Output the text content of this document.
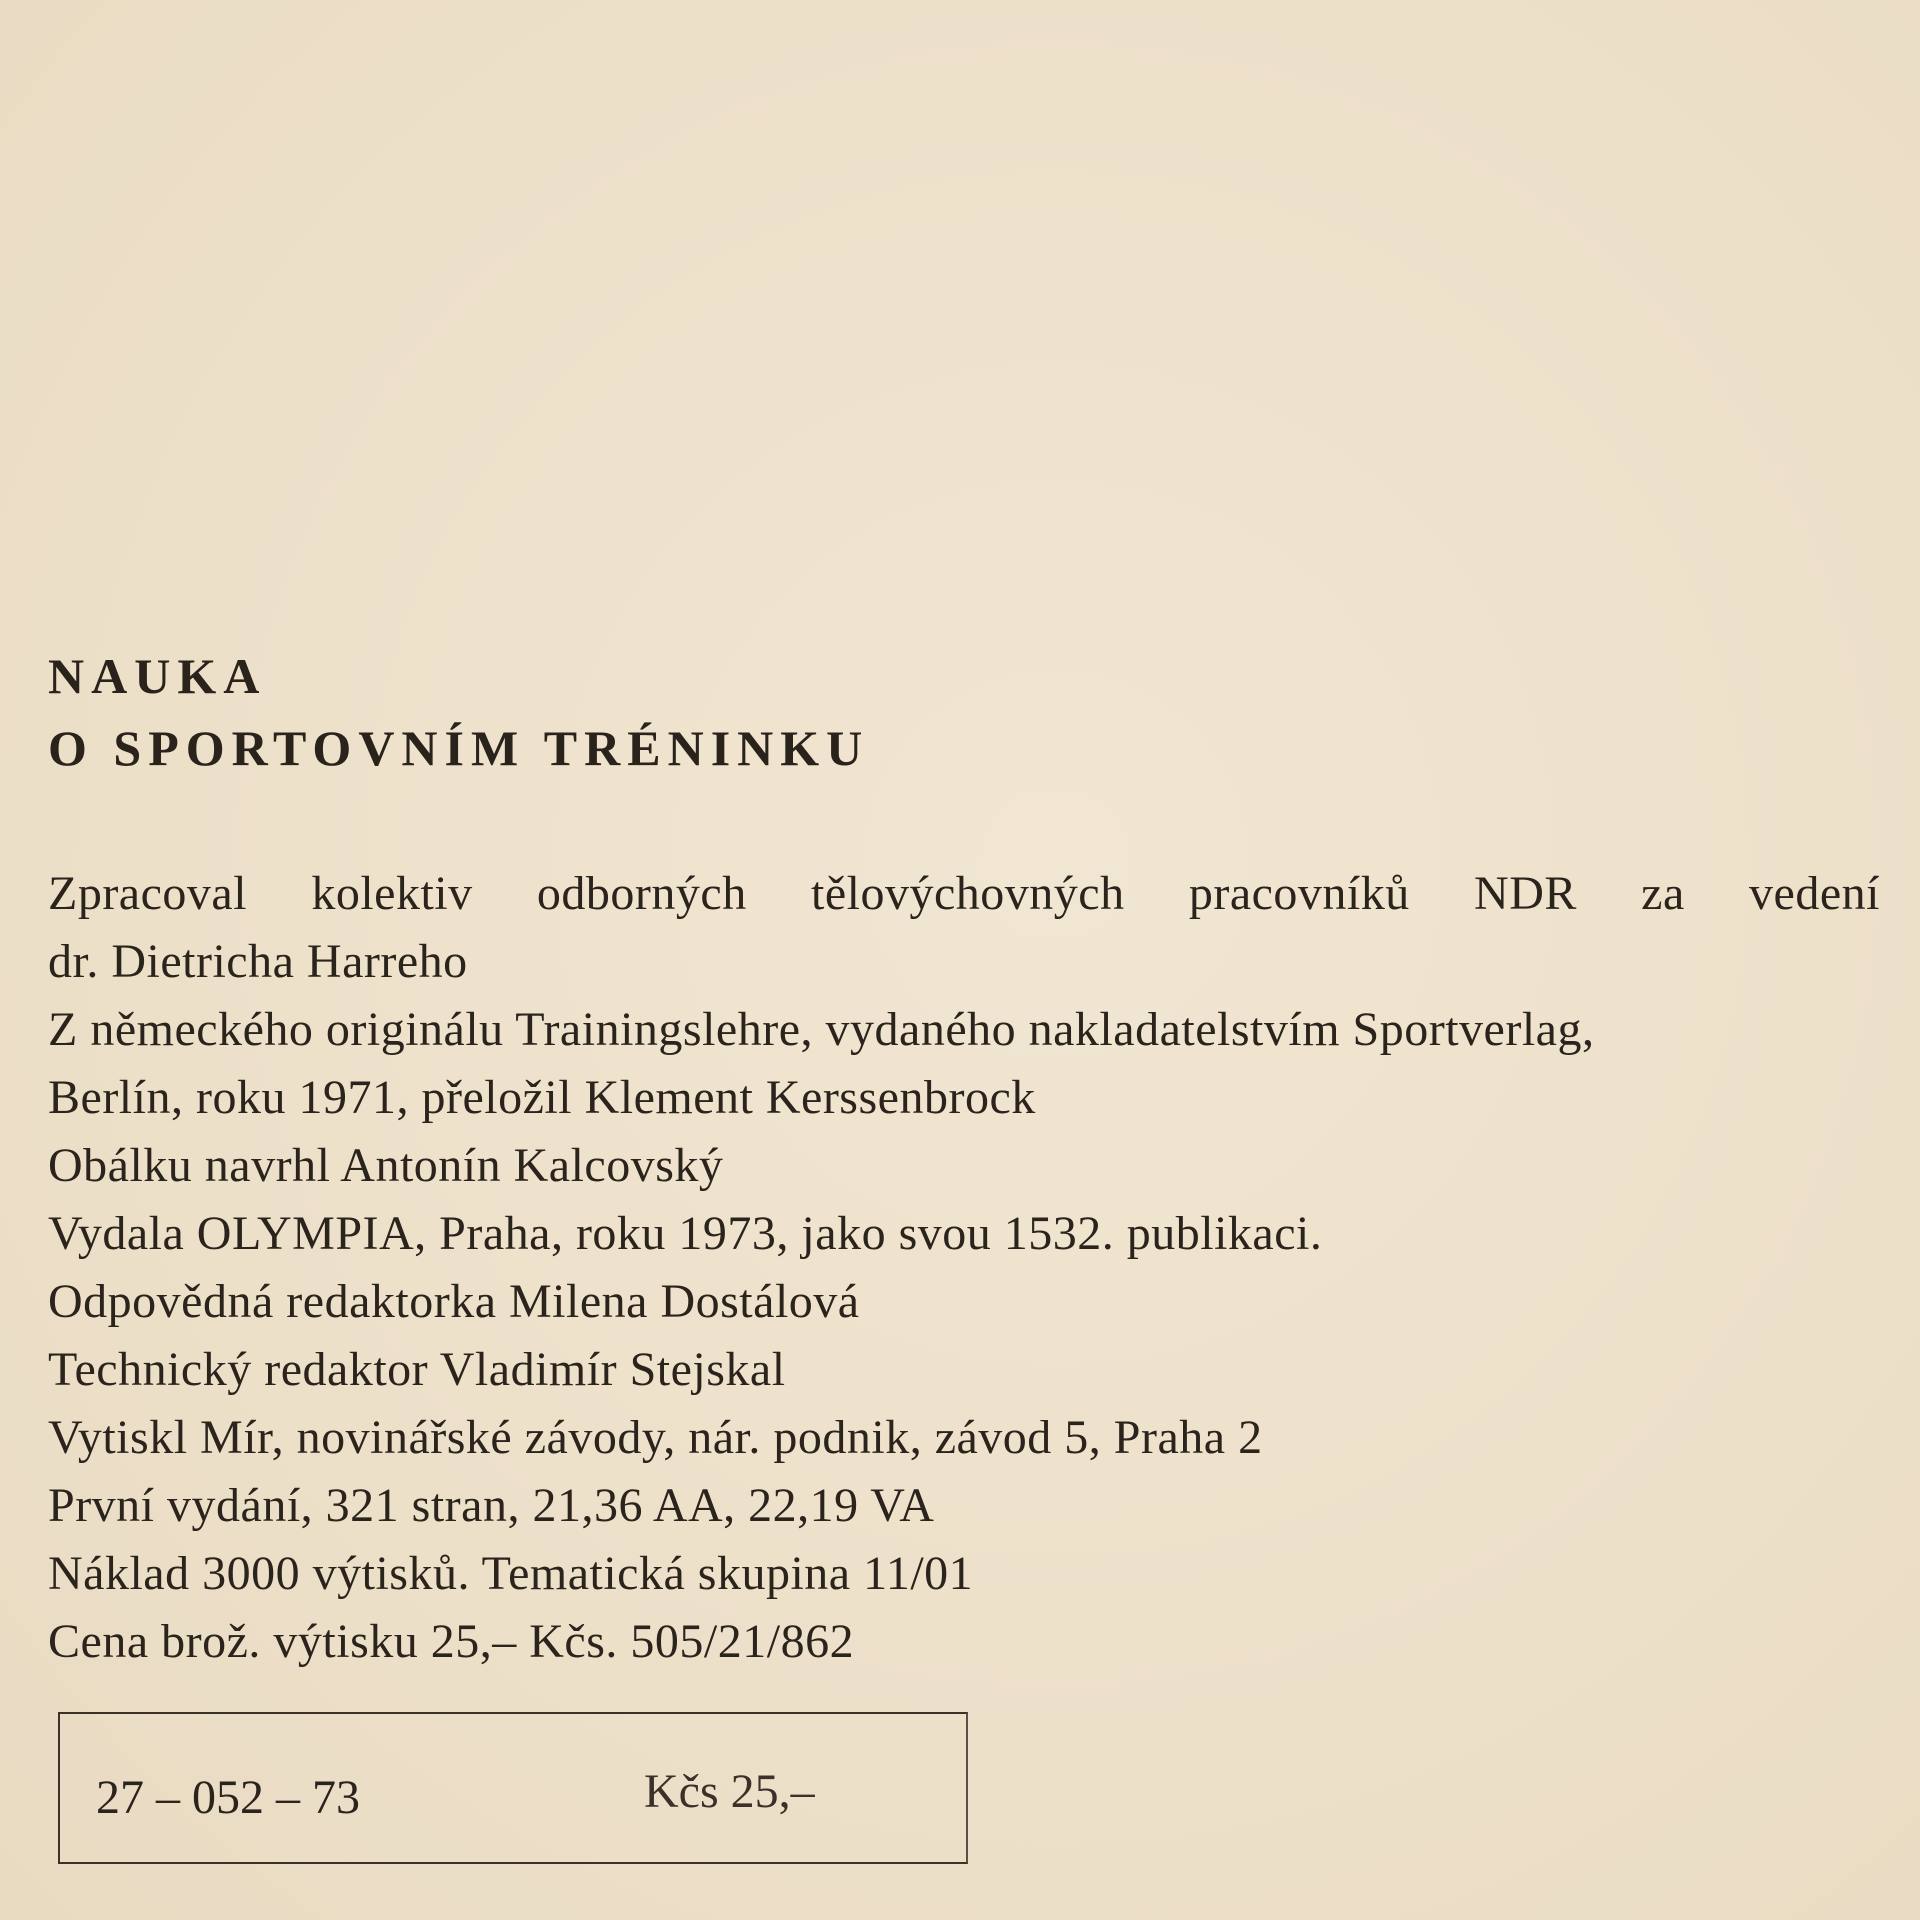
NAUKA
O SPORTOVNÍM TRÉNINKU
Zpracoval kolektiv odborných tělovýchovných pracovníků NDR za vedení
dr. Dietricha Harreho
Z německého originálu Trainingslehre, vydaného nakladatelstvím Sportverlag,
Berlín, roku 1971, přeložil Klement Kerssenbrock
Obálku navrhl Antonín Kalcovský
Vydala OLYMPIA, Praha, roku 1973, jako svou 1532. publikaci.
Odpovědná redaktorka Milena Dostálová
Technický redaktor Vladimír Stejskal
Vytiskl Mír, novinářské závody, nár. podnik, závod 5, Praha 2
První vydání, 321 stran, 21,36 AA, 22,19 VA
Náklad 3000 výtisků. Tematická skupina 11/01
Cena brož. výtisku 25,– Kčs. 505/21/862
27 – 052 – 73	Kčs 25,–
